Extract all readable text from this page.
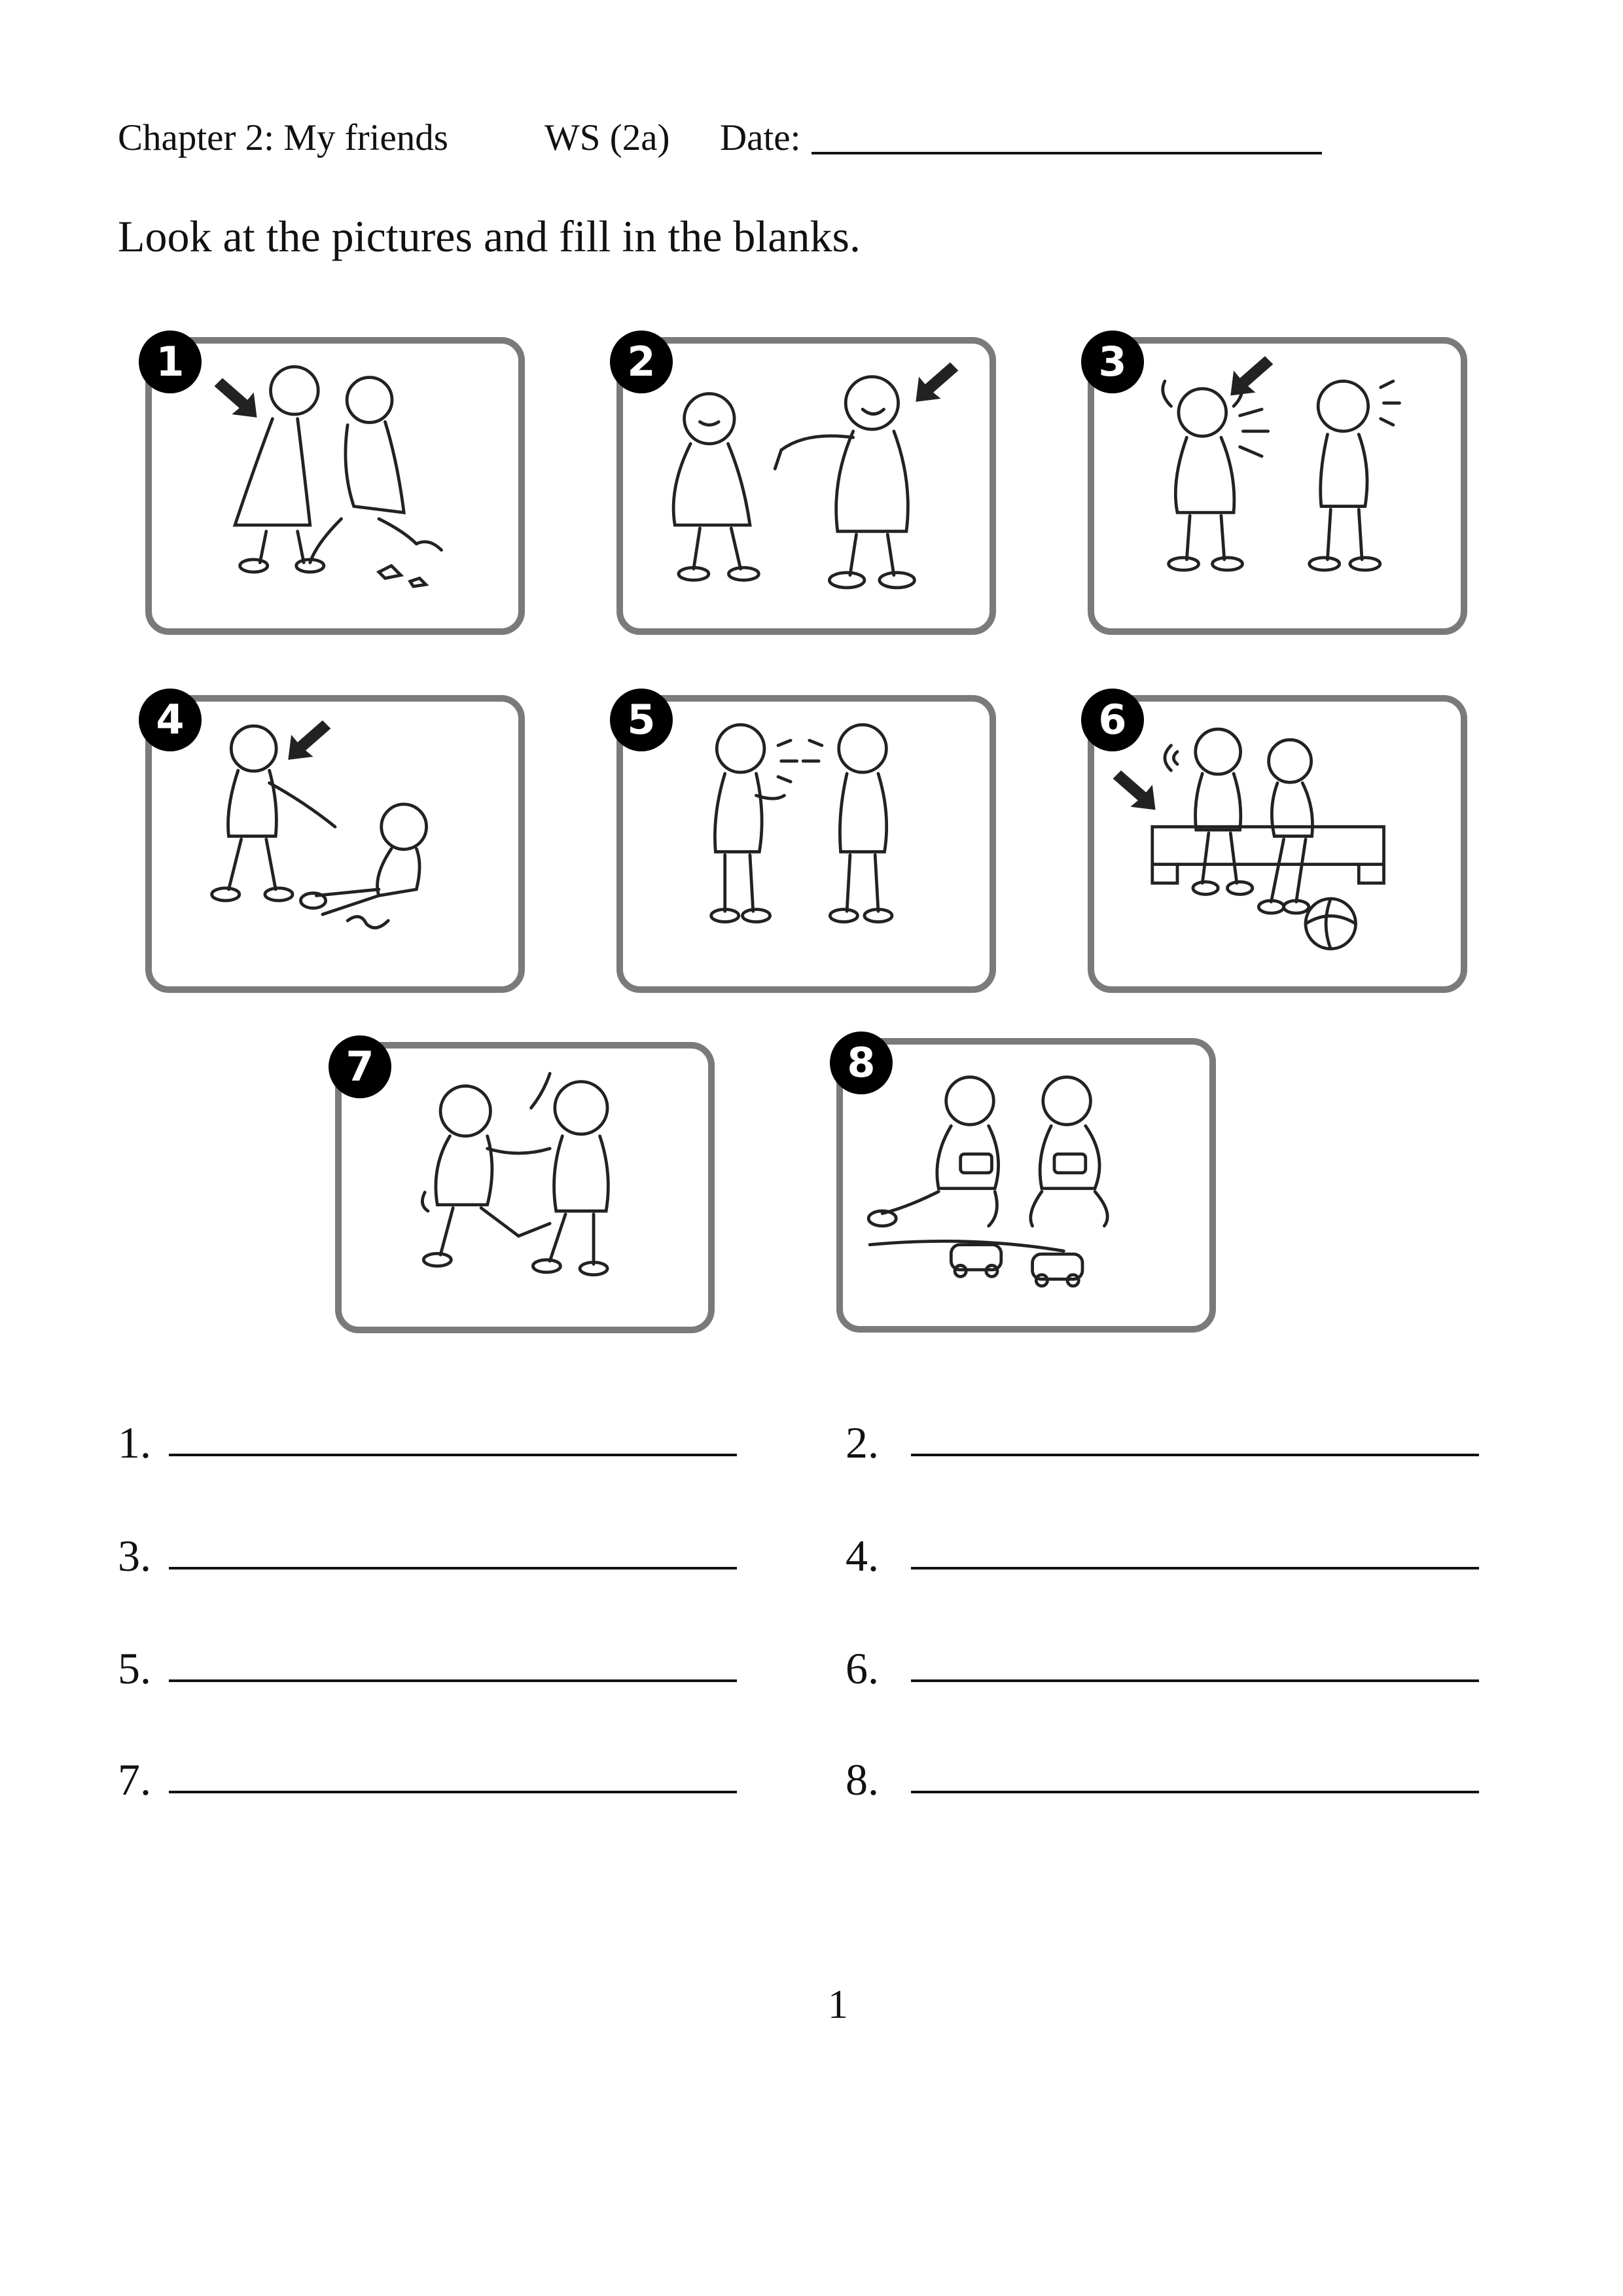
Chapter 2: My friends	WS (2a) Date:
Look at the pictures and fill in the blanks.
1	2	3
4	5	6
7	8
1.	2.
3.	4.
5.	6.
7.	8.
1
